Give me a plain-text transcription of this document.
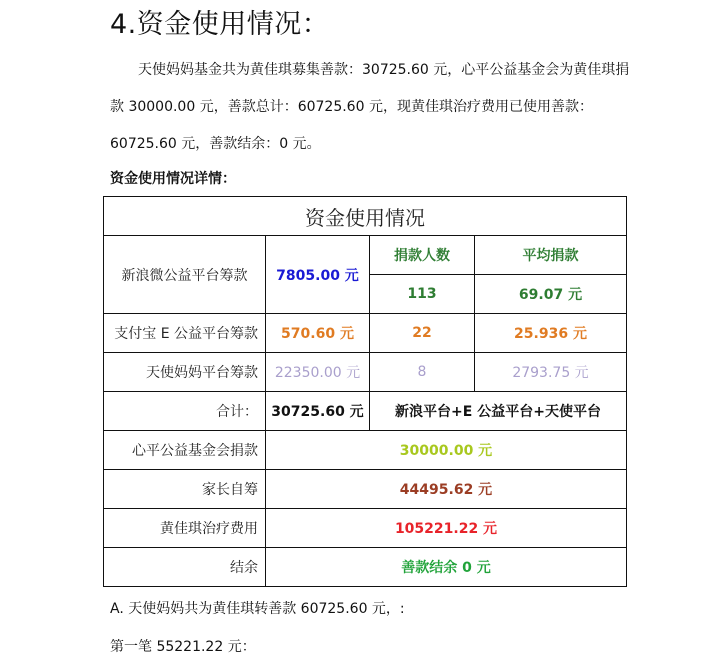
4.资金使用情况：

天使妈妈基金共为黄佳琪募集善款：30725.60 元，心平公益基金会为黄佳琪捐款 30000.00 元，善款总计：60725.60 元，现黄佳琪治疗费用已使用善款：60725.60 元，善款结余：0 元。

资金使用情况详情：

资金使用情况			
新浪微公益平台筹款	7805.00 元	捐款人数	平均捐款
		113	69.07 元
支付宝 E 公益平台筹款	570.60 元	22	25.936 元
天使妈妈平台筹款	22350.00 元	8	2793.75 元
合计：	30725.60 元	新浪平台+E 公益平台+天使平台	
心平公益基金会捐款	30000.00 元		
家长自筹	44495.62 元		
黄佳琪治疗费用	105221.22 元		
结余	善款结余 0 元		

A. 天使妈妈共为黄佳琪转善款 60725.60 元，:

第一笔 55221.22 元：
